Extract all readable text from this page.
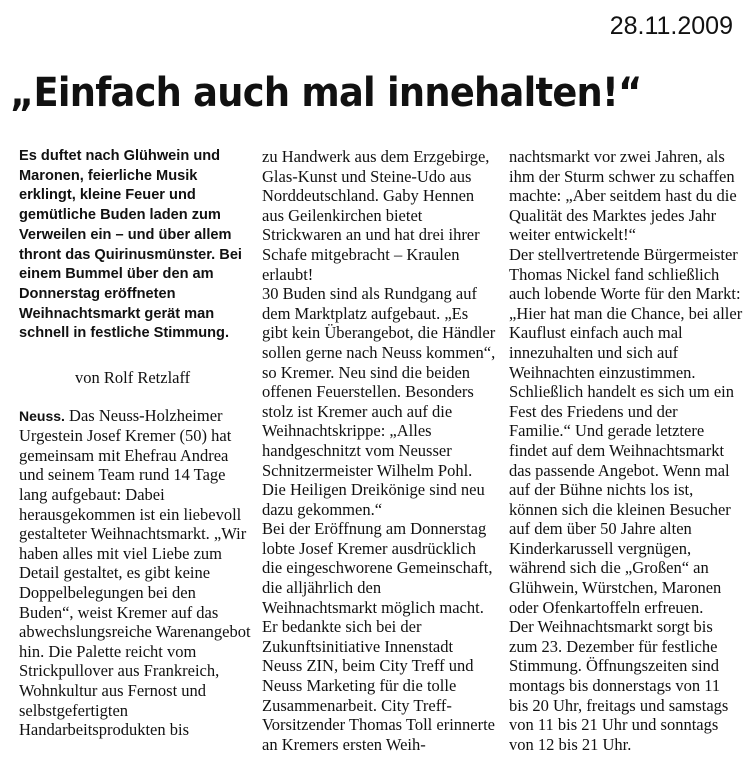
28.11.2009
„Einfach auch mal innehalten!“

Es duftet nach Glühwein und Maronen, feierliche Musik erklingt, kleine Feuer und gemütliche Buden laden zum Verweilen ein – und über allem thront das Quirinusmünster. Bei einem Bummel über den am Donnerstag eröffneten Weihnachtsmarkt gerät man schnell in festliche Stimmung.

von Rolf Retzlaff

Neuss. Das Neuss-Holzheimer Urgestein Josef Kremer (50) hat gemeinsam mit Ehefrau Andrea und seinem Team rund 14 Tage lang aufgebaut: Dabei herausgekommen ist ein liebevoll gestalteter Weihnachtsmarkt. „Wir haben alles mit viel Liebe zum Detail gestaltet, es gibt keine Doppelbelegungen bei den Buden“, weist Kremer auf das abwechslungsreiche Warenangebot hin. Die Palette reicht vom Strickpullover aus Frankreich, Wohnkultur aus Fernost und selbstgefertigten Handarbeitsprodukten bis

zu Handwerk aus dem Erzgebirge, Glas-Kunst und Steine-Udo aus Norddeutschland. Gaby Hennen aus Geilenkirchen bietet Strickwaren an und hat drei ihrer Schafe mitgebracht – Kraulen erlaubt!

30 Buden sind als Rundgang auf dem Marktplatz aufgebaut. „Es gibt kein Überangebot, die Händler sollen gerne nach Neuss kommen“, so Kremer. Neu sind die beiden offenen Feuerstellen. Besonders stolz ist Kremer auch auf die Weihnachtskrippe: „Alles handgeschnitzt vom Neusser Schnitzermeister Wilhelm Pohl. Die Heiligen Dreikönige sind neu dazu gekommen.“

Bei der Eröffnung am Donnerstag lobte Josef Kremer ausdrücklich die eingeschworene Gemeinschaft, die alljährlich den Weihnachtsmarkt möglich macht. Er bedankte sich bei der Zukunftsinitiative Innenstadt Neuss ZIN, beim City Treff und Neuss Marketing für die tolle Zusammenarbeit. City Treff-Vorsitzender Thomas Toll erinnerte an Kremers ersten Weih-

nachtsmarkt vor zwei Jahren, als ihm der Sturm schwer zu schaffen machte: „Aber seitdem hast du die Qualität des Marktes jedes Jahr weiter entwickelt!“

Der stellvertretende Bürgermeister Thomas Nickel fand schließlich auch lobende Worte für den Markt: „Hier hat man die Chance, bei aller Kauflust einfach auch mal innezuhalten und sich auf Weihnachten einzustimmen. Schließlich handelt es sich um ein Fest des Friedens und der Familie.“ Und gerade letztere findet auf dem Weihnachtsmarkt das passende Angebot. Wenn mal auf der Bühne nichts los ist, können sich die kleinen Besucher auf dem über 50 Jahre alten Kinderkarussell vergnügen, während sich die „Großen“ an Glühwein, Würstchen, Maronen oder Ofenkartoffeln erfreuen.

Der Weihnachtsmarkt sorgt bis zum 23. Dezember für festliche Stimmung. Öffnungszeiten sind montags bis donnerstags von 11 bis 20 Uhr, freitags und samstags von 11 bis 21 Uhr und sonntags von 12 bis 21 Uhr.
